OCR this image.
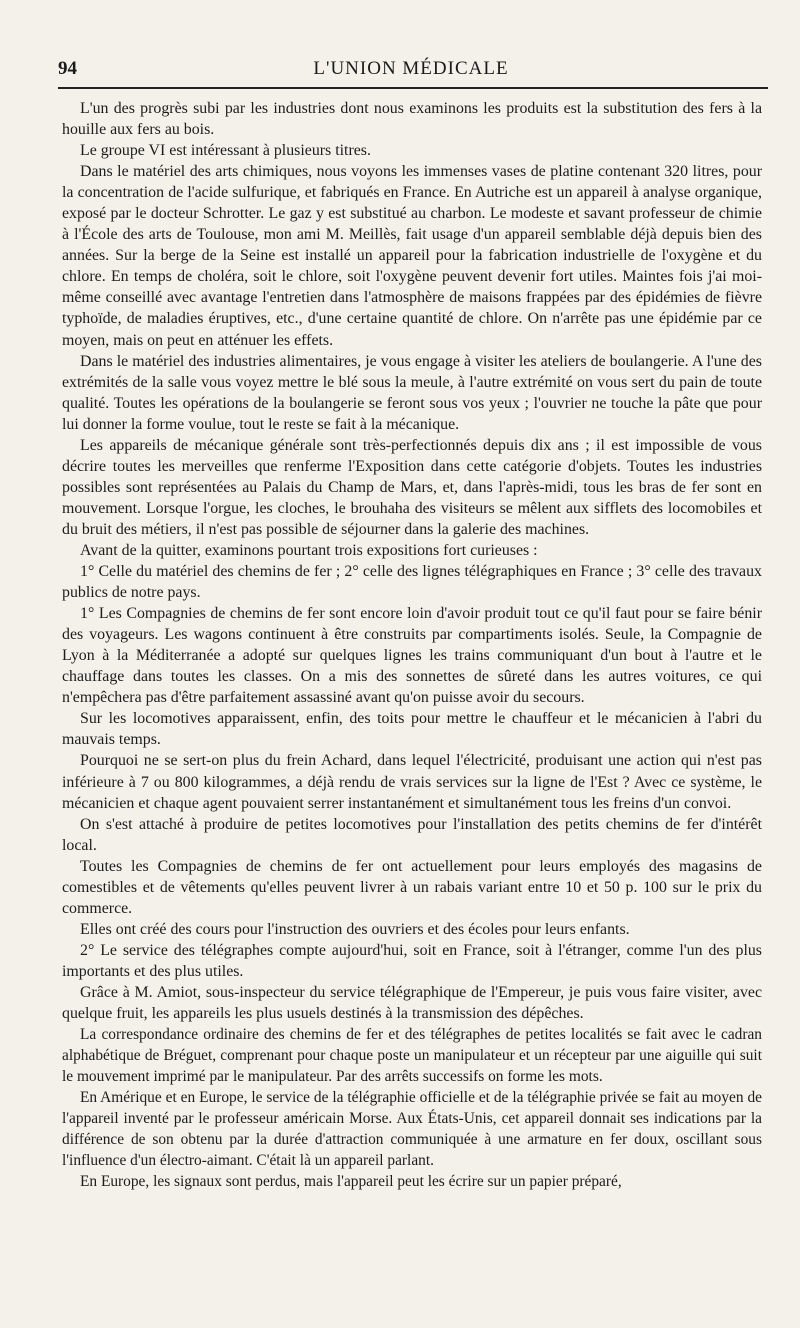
94	L'UNION MÉDICALE

L'un des progrès subi par les industries dont nous examinons les produits est la substitution des fers à la houille aux fers au bois.

Le groupe VI est intéressant à plusieurs titres.

Dans le matériel des arts chimiques, nous voyons les immenses vases de platine contenant 320 litres, pour la concentration de l'acide sulfurique, et fabriqués en France. En Autriche est un appareil à analyse organique, exposé par le docteur Schrotter. Le gaz y est substitué au charbon. Le modeste et savant professeur de chimie à l'École des arts de Toulouse, mon ami M. Meillès, fait usage d'un appareil semblable déjà depuis bien des années. Sur la berge de la Seine est installé un appareil pour la fabrication industrielle de l'oxygène et du chlore. En temps de choléra, soit le chlore, soit l'oxygène peuvent devenir fort utiles. Maintes fois j'ai moi-même conseillé avec avantage l'entretien dans l'atmosphère de maisons frappées par des épidémies de fièvre typhoïde, de maladies éruptives, etc., d'une certaine quantité de chlore. On n'arrête pas une épidémie par ce moyen, mais on peut en atténuer les effets.

Dans le matériel des industries alimentaires, je vous engage à visiter les ateliers de boulangerie. A l'une des extrémités de la salle vous voyez mettre le blé sous la meule, à l'autre extrémité on vous sert du pain de toute qualité. Toutes les opérations de la boulangerie se feront sous vos yeux ; l'ouvrier ne touche la pâte que pour lui donner la forme voulue, tout le reste se fait à la mécanique.

Les appareils de mécanique générale sont très-perfectionnés depuis dix ans ; il est impossible de vous décrire toutes les merveilles que renferme l'Exposition dans cette catégorie d'objets. Toutes les industries possibles sont représentées au Palais du Champ de Mars, et, dans l'après-midi, tous les bras de fer sont en mouvement. Lorsque l'orgue, les cloches, le brouhaha des visiteurs se mêlent aux sifflets des locomobiles et du bruit des métiers, il n'est pas possible de séjourner dans la galerie des machines.

Avant de la quitter, examinons pourtant trois expositions fort curieuses :

1° Celle du matériel des chemins de fer ; 2° celle des lignes télégraphiques en France ; 3° celle des travaux publics de notre pays.

1° Les Compagnies de chemins de fer sont encore loin d'avoir produit tout ce qu'il faut pour se faire bénir des voyageurs. Les wagons continuent à être construits par compartiments isolés. Seule, la Compagnie de Lyon à la Méditerranée a adopté sur quelques lignes les trains communiquant d'un bout à l'autre et le chauffage dans toutes les classes. On a mis des sonnettes de sûreté dans les autres voitures, ce qui n'empêchera pas d'être parfaitement assassiné avant qu'on puisse avoir du secours.

Sur les locomotives apparaissent, enfin, des toits pour mettre le chauffeur et le mécanicien à l'abri du mauvais temps.

Pourquoi ne se sert-on plus du frein Achard, dans lequel l'électricité, produisant une action qui n'est pas inférieure à 7 ou 800 kilogrammes, a déjà rendu de vrais services sur la ligne de l'Est ? Avec ce système, le mécanicien et chaque agent pouvaient serrer instantanément et simultanément tous les freins d'un convoi.

On s'est attaché à produire de petites locomotives pour l'installation des petits chemins de fer d'intérêt local.

Toutes les Compagnies de chemins de fer ont actuellement pour leurs employés des magasins de comestibles et de vêtements qu'elles peuvent livrer à un rabais variant entre 10 et 50 p. 100 sur le prix du commerce.

Elles ont créé des cours pour l'instruction des ouvriers et des écoles pour leurs enfants.

2° Le service des télégraphes compte aujourd'hui, soit en France, soit à l'étranger, comme l'un des plus importants et des plus utiles.

Grâce à M. Amiot, sous-inspecteur du service télégraphique de l'Empereur, je puis vous faire visiter, avec quelque fruit, les appareils les plus usuels destinés à la transmission des dépêches.

La correspondance ordinaire des chemins de fer et des télégraphes de petites localités se fait avec le cadran alphabétique de Bréguet, comprenant pour chaque poste un manipulateur et un récepteur par une aiguille qui suit le mouvement imprimé par le manipulateur. Par des arrêts successifs on forme les mots.

En Amérique et en Europe, le service de la télégraphie officielle et de la télégraphie privée se fait au moyen de l'appareil inventé par le professeur américain Morse. Aux États-Unis, cet appareil donnait ses indications par la différence de son obtenu par la durée d'attraction communiquée à une armature en fer doux, oscillant sous l'influence d'un électro-aimant. C'était là un appareil parlant.

En Europe, les signaux sont perdus, mais l'appareil peut les écrire sur un papier préparé,
